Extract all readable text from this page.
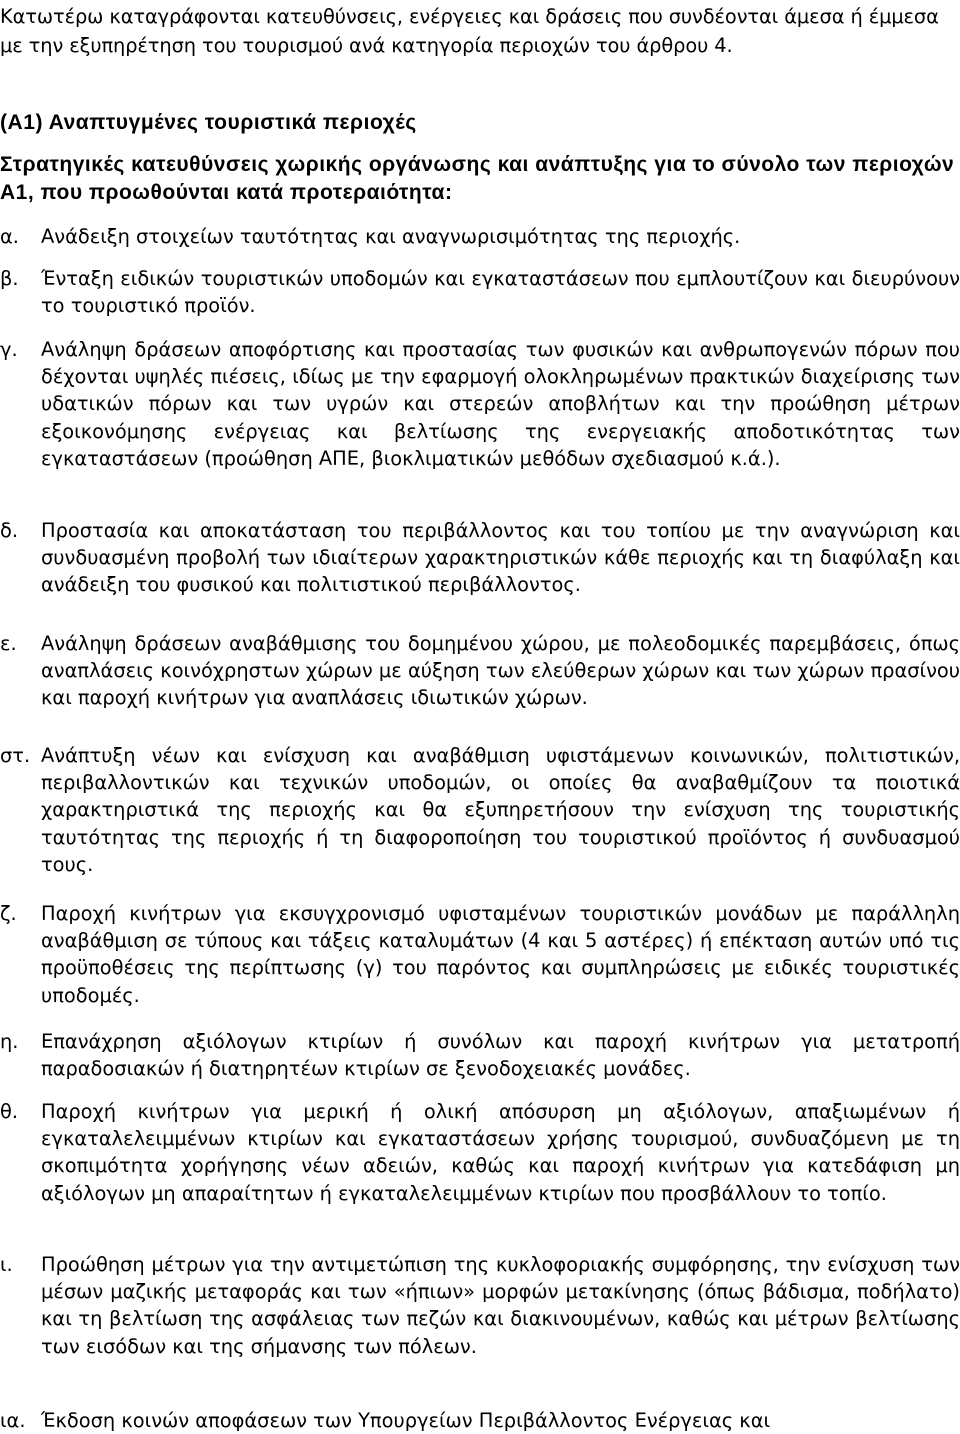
Κατωτέρω καταγράφονται κατευθύνσεις, ενέργειες και δράσεις που συνδέονται άμεσα ή έμμεσα με την εξυπηρέτηση του τουρισμού ανά κατηγορία περιοχών του άρθρου 4.

(Α1) Αναπτυγμένες τουριστικά περιοχές

Στρατηγικές κατευθύνσεις χωρικής οργάνωσης και ανάπτυξης για το σύνολο των περιοχών Α1, που προωθούνται κατά προτεραιότητα:

α. Ανάδειξη στοιχείων ταυτότητας και αναγνωρισιμότητας της περιοχής.
β. Ένταξη ειδικών τουριστικών υποδομών και εγκαταστάσεων που εμπλουτίζουν και διευρύνουν το τουριστικό προϊόν.
γ. Ανάληψη δράσεων αποφόρτισης και προστασίας των φυσικών και ανθρωπογενών πόρων που δέχονται υψηλές πιέσεις, ιδίως με την εφαρμογή ολοκληρωμένων πρακτικών διαχείρισης των υδατικών πόρων και των υγρών και στερεών αποβλήτων και την προώθηση μέτρων εξοικονόμησης ενέργειας και βελτίωσης της ενεργειακής αποδοτικότητας των εγκαταστάσεων (προώθηση ΑΠΕ, βιοκλιματικών μεθόδων σχεδιασμού κ.ά.).
δ. Προστασία και αποκατάσταση του περιβάλλοντος και του τοπίου με την αναγνώριση και συνδυασμένη προβολή των ιδιαίτερων χαρακτηριστικών κάθε περιοχής και τη διαφύλαξη και ανάδειξη του φυσικού και πολιτιστικού περιβάλλοντος.
ε. Ανάληψη δράσεων αναβάθμισης του δομημένου χώρου, με πολεοδομικές παρεμβάσεις, όπως αναπλάσεις κοινόχρηστων χώρων με αύξηση των ελεύθερων χώρων και των χώρων πρασίνου και παροχή κινήτρων για αναπλάσεις ιδιωτικών χώρων.
στ. Ανάπτυξη νέων και ενίσχυση και αναβάθμιση υφιστάμενων κοινωνικών, πολιτιστικών, περιβαλλοντικών και τεχνικών υποδομών, οι οποίες θα αναβαθμίζουν τα ποιοτικά χαρακτηριστικά της περιοχής και θα εξυπηρετήσουν την ενίσχυση της τουριστικής ταυτότητας της περιοχής ή τη διαφοροποίηση του τουριστικού προϊόντος ή συνδυασμού τους.
ζ. Παροχή κινήτρων για εκσυγχρονισμό υφισταμένων τουριστικών μονάδων με παράλληλη αναβάθμιση σε τύπους και τάξεις καταλυμάτων (4 και 5 αστέρες) ή επέκταση αυτών υπό τις προϋποθέσεις της περίπτωσης (γ) του παρόντος και συμπληρώσεις με ειδικές τουριστικές υποδομές.
η. Επανάχρηση αξιόλογων κτιρίων ή συνόλων και παροχή κινήτρων για μετατροπή παραδοσιακών ή διατηρητέων κτιρίων σε ξενοδοχειακές μονάδες.
θ. Παροχή κινήτρων για μερική ή ολική απόσυρση μη αξιόλογων, απαξιωμένων ή εγκαταλελειμμένων κτιρίων και εγκαταστάσεων χρήσης τουρισμού, συνδυαζόμενη με τη σκοπιμότητα χορήγησης νέων αδειών, καθώς και παροχή κινήτρων για κατεδάφιση μη αξιόλογων μη απαραίτητων ή εγκαταλελειμμένων κτιρίων που προσβάλλουν το τοπίο.
ι. Προώθηση μέτρων για την αντιμετώπιση της κυκλοφοριακής συμφόρησης, την ενίσχυση των μέσων μαζικής μεταφοράς και των «ήπιων» μορφών μετακίνησης (όπως βάδισμα, ποδήλατο) και τη βελτίωση της ασφάλειας των πεζών και διακινουμένων, καθώς και μέτρων βελτίωσης των εισόδων και της σήμανσης των πόλεων.
ια. Έκδοση κοινών αποφάσεων των Υπουργείων Περιβάλλοντος Ενέργειας και
